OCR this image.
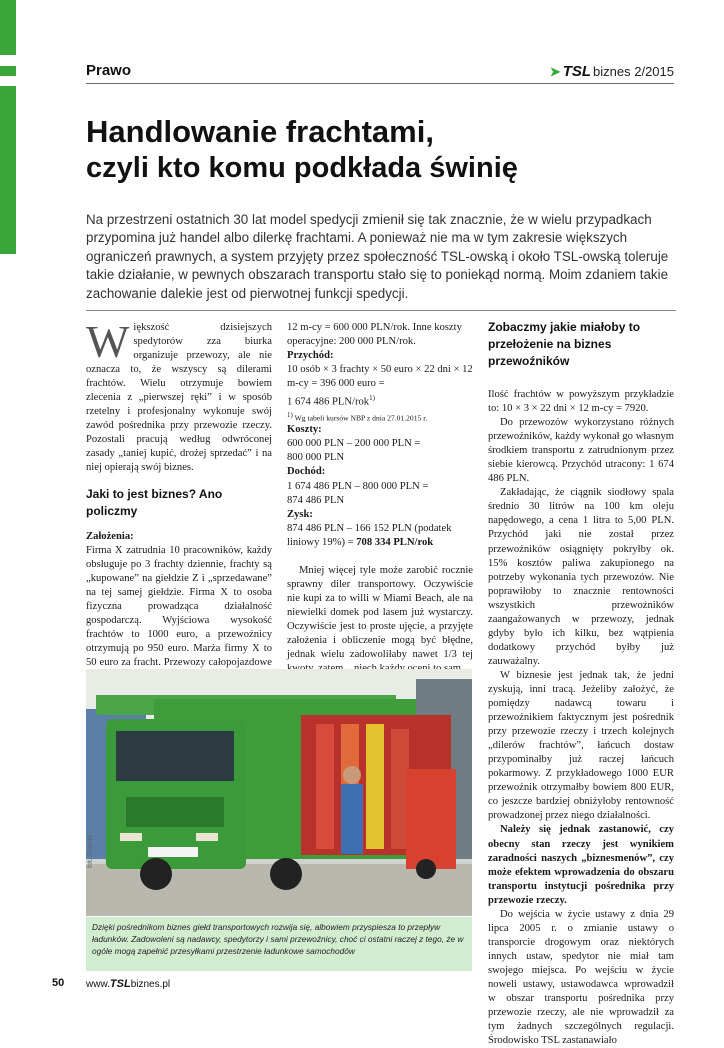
Prawo	➤ TSL biznes 2/2015
Handlowanie frachtami,
czyli kto komu podkłada świnię

Na przestrzeni ostatnich 30 lat model spedycji zmienił się tak znacznie, że w wielu przypadkach przypomina już handel albo dilerkę frachtami. A ponieważ nie ma w tym zakresie większych ograniczeń prawnych, a system przyjęty przez społeczność TSL-owską i około TSL-owską toleruje takie działanie, w pewnych obszarach transportu stało się to poniekąd normą. Moim zdaniem takie zachowanie dalekie jest od pierwotnej funkcji spedycji.

Większość dzisiejszych spedytorów zza biurka organizuje przewozy, ale nie oznacza to, że wszyscy są dilerami frachtów. Wielu otrzymuje bowiem zlecenia z „pierwszej ręki” i w sposób rzetelny i profesjonalny wykonuje swój zawód pośrednika przy przewozie rzeczy. Pozostali pracują według odwróconej zasady „taniej kupić, drożej sprzedać” i na niej opierają swój biznes.

Jaki to jest biznes? Ano policzmy

Założenia:

Firma X zatrudnia 10 pracowników, każdy obsługuje po 3 frachty dziennie, frachty są „kupowane” na giełdzie Z i „sprzedawane” na tej samej giełdzie. Firma X to osoba fizyczna prowadząca działalność gospodarczą. Wyjściowa wysokość frachtów to 1000 euro, a przewoźnicy otrzymują po 950 euro. Marża firmy X to 50 euro za fracht. Przewozy całopojazdowe

12 m-cy = 600 000 PLN/rok. Inne koszty operacyjne: 200 000 PLN/rok.

Przychód:

10 osób × 3 frachty × 50 euro × 22 dni × 12 m-cy = 396 000 euro =

1 674 486 PLN/rok$^{1)}$

$^{1)}$ Wg tabeli kursów NBP z dnia 27.01.2015 r.

Koszty:

600 000 PLN – 200 000 PLN =

800 000 PLN

Dochód:

1 674 486 PLN – 800 000 PLN =

874 486 PLN

Zysk:

874 486 PLN – 166 152 PLN (podatek liniowy 19%) = 708 334 PLN/rok

Mniej więcej tyle może zarobić rocznie sprawny diler transportowy. Oczywiście nie kupi za to willi w Miami Beach, ale na niewielki domek pod lasem już wystarczy. Oczywiście jest to proste ujęcie, a przyjęte założenia i obliczenie mogą być błędne, jednak wielu zadowoliłaby nawet 1/3 tej

Zobaczmy jakie miałoby to przełożenie na biznes przewoźników

Ilość frachtów w powyższym przykładzie to: 10 × 3 × 22 dni × 12 m-cy = 7920.

Do przewozów wykorzystano różnych przewoźników, każdy wykonał go własnym środkiem transportu z zatrudnionym przez siebie kierowcą. Przychód utracony: 1 674 486 PLN.

Zakładając, że ciągnik siodłowy spala średnio 30 litrów na 100 km oleju napędowego, a cena 1 litra to 5,00 PLN. Przychód jaki nie został przez przewoźników osiągnięty pokryłby ok. 15% kosztów paliwa zakupionego na potrzeby wykonania tych przewozów. Nie poprawiłoby to znacznie rentowności wszystkich przewoźników zaangażowanych w przewozy, jednak gdyby było ich kilku, bez wątpienia dodatkowy przychód byłby już zauważalny.

W biznesie jest jednak tak, że jedni zyskują, inni tracą. Jeżeliby założyć, że pomiędzy nadawcą towaru i przewoźnikiem faktycznym jest pośrednik przy przewozie rzeczy i trzech kolejnych „dilerów frachtów”, łańcuch dostaw przypominałby już raczej łańcuch pokarmowy. Z przykładowego 1000 EUR przewoźnik otrzymałby bowiem 800 EUR, co jeszcze bardziej obniżyłoby rentowność prowadzonej przez niego działalności.

Należy się jednak zastanowić, czy obecny stan rzeczy jest wynikiem zaradności naszych „biznesmenów”, czy może efektem wprowadzenia do obszaru transportu instytucji pośrednika przy przewozie rzeczy.

Do wejścia w życie ustawy z dnia 29 lipca 2005 r. o zmianie ustawy o transporcie drogowym oraz niektórych innych ustaw, spedytor nie miał tam swojego miejsca. Po wejściu w życie noweli ustawy, ustawodawca wprowadził w obszar transportu pośrednika przy przewozie rzeczy, ale nie wprowadził za tym żadnych szczególnych regulacji. Środowisko TSL zastanawiało

fot. Scania
Dzięki pośrednikom biznes giełd transportowych rozwija się, albowiem przyspiesza to przepływ ładunków. Zadowoleni są nadawcy, spedytorzy i sami przewoźnicy, choć ci ostatni raczej z tego, że w ogóle mogą zapełnić przesyłkami przestrzenie ładunkowe samochodów
50 www.TSLbiznes.pl
